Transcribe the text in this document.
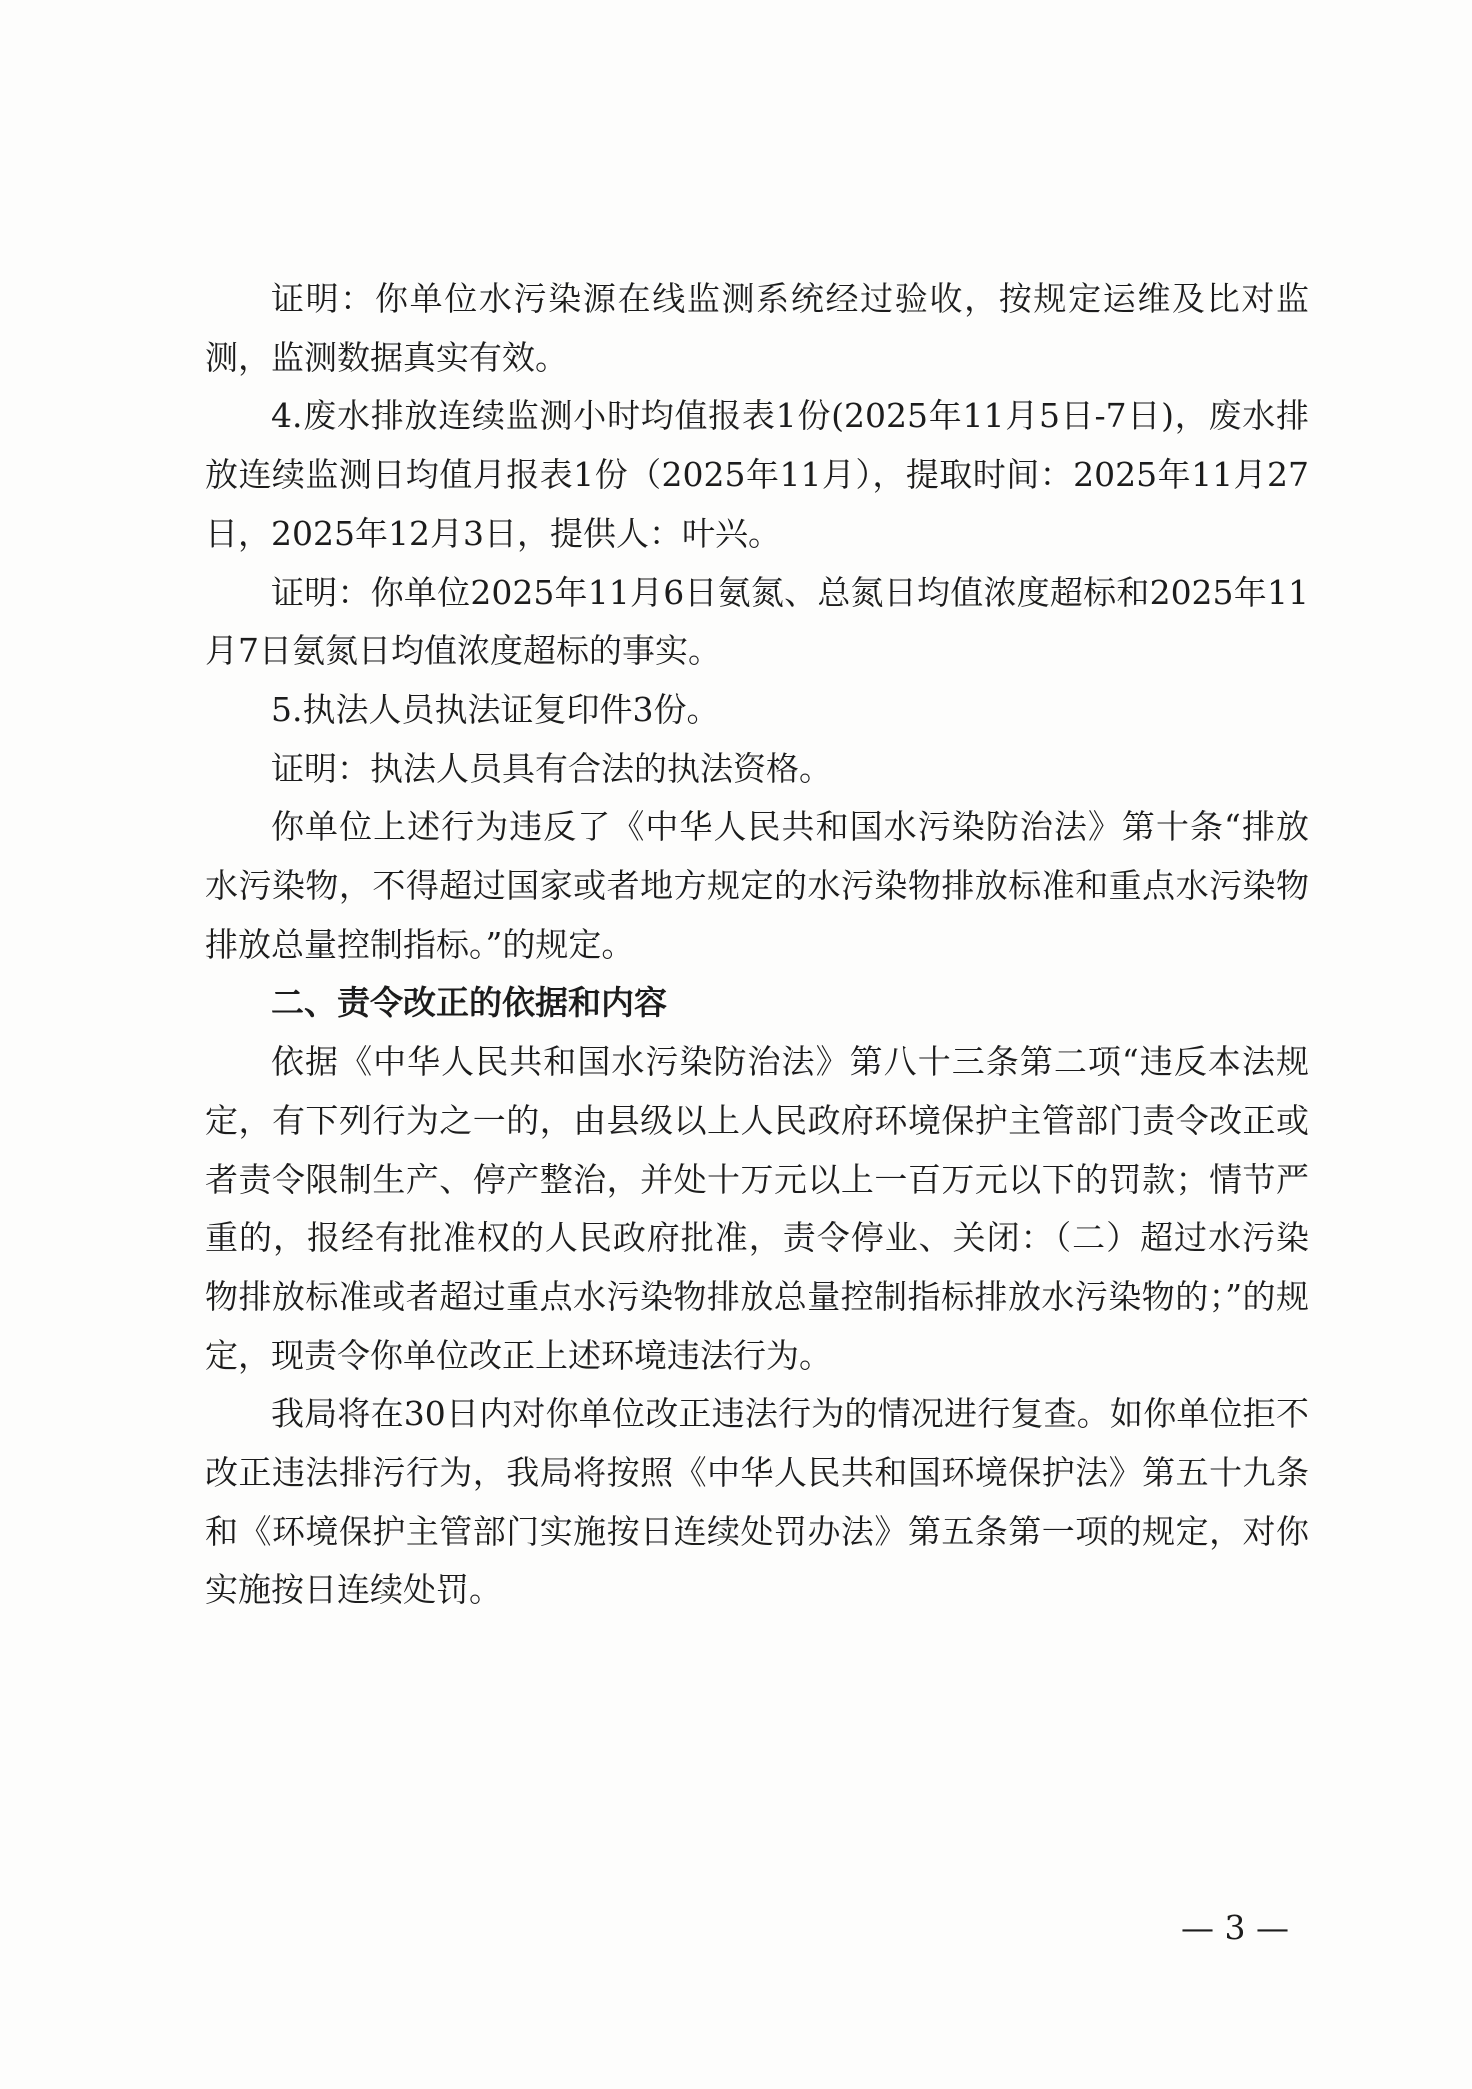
证明：你单位水污染源在线监测系统经过验收，按规定运维及比对监测，监测数据真实有效。

4.废水排放连续监测小时均值报表1份(2025年11月5日-7日)，废水排放连续监测日均值月报表1份（2025年11月），提取时间：2025年11月27日，2025年12月3日，提供人：叶兴。

证明：你单位2025年11月6日氨氮、总氮日均值浓度超标和2025年11月7日氨氮日均值浓度超标的事实。

5.执法人员执法证复印件3份。

证明：执法人员具有合法的执法资格。

你单位上述行为违反了《中华人民共和国水污染防治法》第十条“排放水污染物，不得超过国家或者地方规定的水污染物排放标准和重点水污染物排放总量控制指标。”的规定。

二、责令改正的依据和内容

依据《中华人民共和国水污染防治法》第八十三条第二项“违反本法规定，有下列行为之一的，由县级以上人民政府环境保护主管部门责令改正或者责令限制生产、停产整治，并处十万元以上一百万元以下的罚款；情节严重的，报经有批准权的人民政府批准，责令停业、关闭：（二）超过水污染物排放标准或者超过重点水污染物排放总量控制指标排放水污染物的；”的规定，现责令你单位改正上述环境违法行为。

我局将在30日内对你单位改正违法行为的情况进行复查。如你单位拒不改正违法排污行为，我局将按照《中华人民共和国环境保护法》第五十九条和《环境保护主管部门实施按日连续处罚办法》第五条第一项的规定，对你实施按日连续处罚。

— 3 —
